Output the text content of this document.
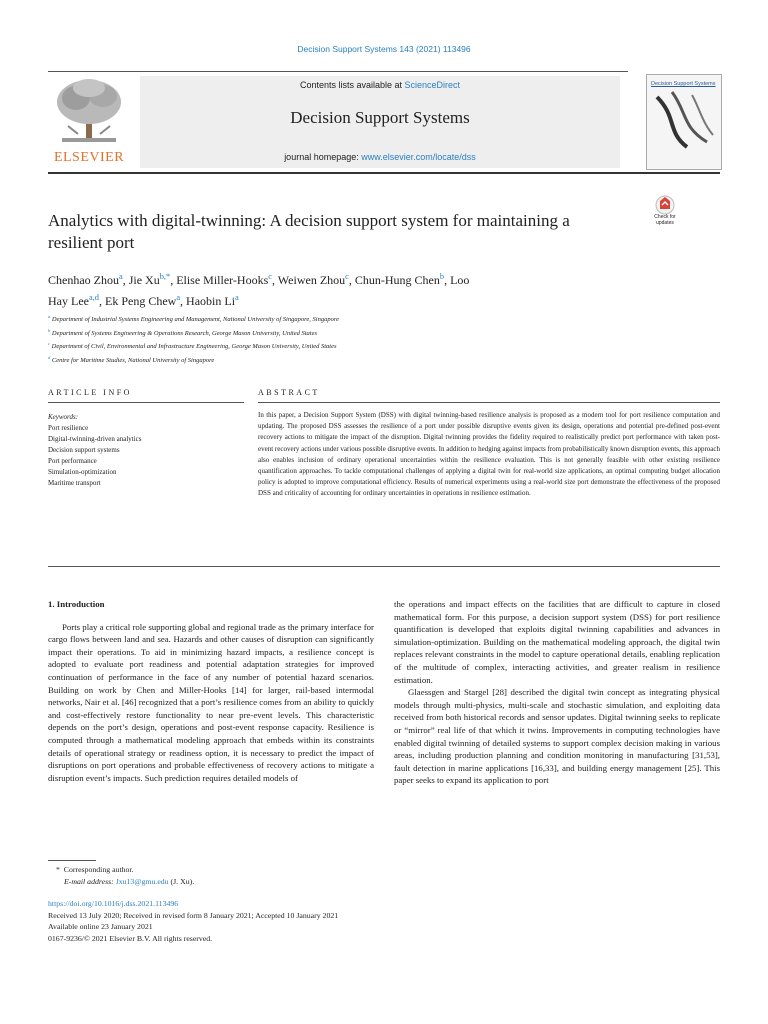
Decision Support Systems 143 (2021) 113496
ELSEVIER
Contents lists available at ScienceDirect
Decision Support Systems
journal homepage: www.elsevier.com/locate/dss
Decision Support Systems
Analytics with digital-twinning: A decision support system for maintaining a resilient port
Check for updates
Chenhao Zhou$^a$, Jie $Xu^{b,*}$, Elise Miller-Hooks$^c$, Weiwen Zhou$^c$, Chun-Hung Chen$^b$, Loo
Hay Lee$^{a,d}$, Ek Peng Chew$^a$, Haobin Li$^a$
$^a$ Department of Industrial Systems Engineering and Management, National University of Singapore, Singapore
$^b$ Department of Systems Engineering & Operations Research, George Mason University, United States
$^c$ Department of Civil, Environmental and Infrastructure Engineering, George Mason University, United States
$^d$ Centre for Maritime Studies, National University of Singapore
ARTICLE INFO	ABSTRACT
Keywords:
Port resilience
Digital-twinning-driven analytics
Decision support systems
Port performance
Simulation-optimization
Maritime transport
In this paper, a Decision Support System (DSS) with digital twinning-based resilience analysis is proposed as a modern tool for port resilience computation and updating. The proposed DSS assesses the resilience of a port under possible disruptive events given its design, operations and potential pre-defined post-event recovery actions to mitigate the impact of the disruption. Digital twinning provides the fidelity required to realistically predict port performance with taken post-event recovery actions under various possible disruptive events. In addition to hedging against impacts from probabilistically known disruption events, this approach also enables inclusion of ordinary operational uncertainties within the resilience evaluation. This is not generally feasible with other existing resilience quantification approaches. To tackle computational challenges of applying a digital twin for real-world size applications, an optimal computing budget allocation policy is adopted to improve computational efficiency. Results of numerical experiments using a real-world size port demonstrate the effectiveness of the proposed DSS and criticality of accounting for ordinary uncertainties in operations in resilience estimation.

1. Introduction

Ports play a critical role supporting global and regional trade as the primary interface for cargo flows between land and sea. Hazards and other causes of disruption can significantly impact their operations. To aid in minimizing hazard impacts, a resilience concept is adopted to evaluate port readiness and potential adaptation strategies for improved continuation of performance in the face of any number of potential hazard scenarios. Building on work by Chen and Miller-Hooks [14] for larger, rail-based intermodal networks, Nair et al. [46] recognized that a port’s resilience comes from an ability to quickly and cost-effectively restore functionality to near pre-event levels. This characteristic depends on the port’s design, operations and post-event response capacity. Resilience is computed through a mathematical modeling approach that embeds within its constraints details of operational strategy or readiness option, it is necessary to predict the impact of disruptions on port operations and probable effectiveness of recovery actions to mitigate a disruption event’s impacts. Such prediction requires detailed models of

the operations and impact effects on the facilities that are difficult to capture in closed mathematical form. For this purpose, a decision support system (DSS) for port resilience quantification is developed that exploits digital twinning capabilities and advances in simulation-optimization. Building on the mathematical modeling approach, the digital twin replaces relevant constraints in the model to capture operational details, enabling replication of the multitude of complex, interacting activities, and greater realism in resilience estimation.

Glaessgen and Stargel [28] described the digital twin concept as integrating physical models through multi-physics, multi-scale and stochastic simulation, and exploiting data received from both historical records and sensor updates. Digital twinning seeks to replicate or “mirror” real life of that which it twins. Improvements in computing technologies have enabled digital twinning of detailed systems to support complex decision making in various areas, including production planning and condition monitoring in manufacturing [31,53], fault detection in marine applications [16,33], and building energy management [25]. This paper seeks to expand its application to port

*  Corresponding author.
E-mail address: Jxu13@gmu.edu (J. Xu).
https://doi.org/10.1016/j.dss.2021.113496
Received 13 July 2020; Received in revised form 8 January 2021; Accepted 10 January 2021
Available online 23 January 2021
0167-9236/© 2021 Elsevier B.V. All rights reserved.
